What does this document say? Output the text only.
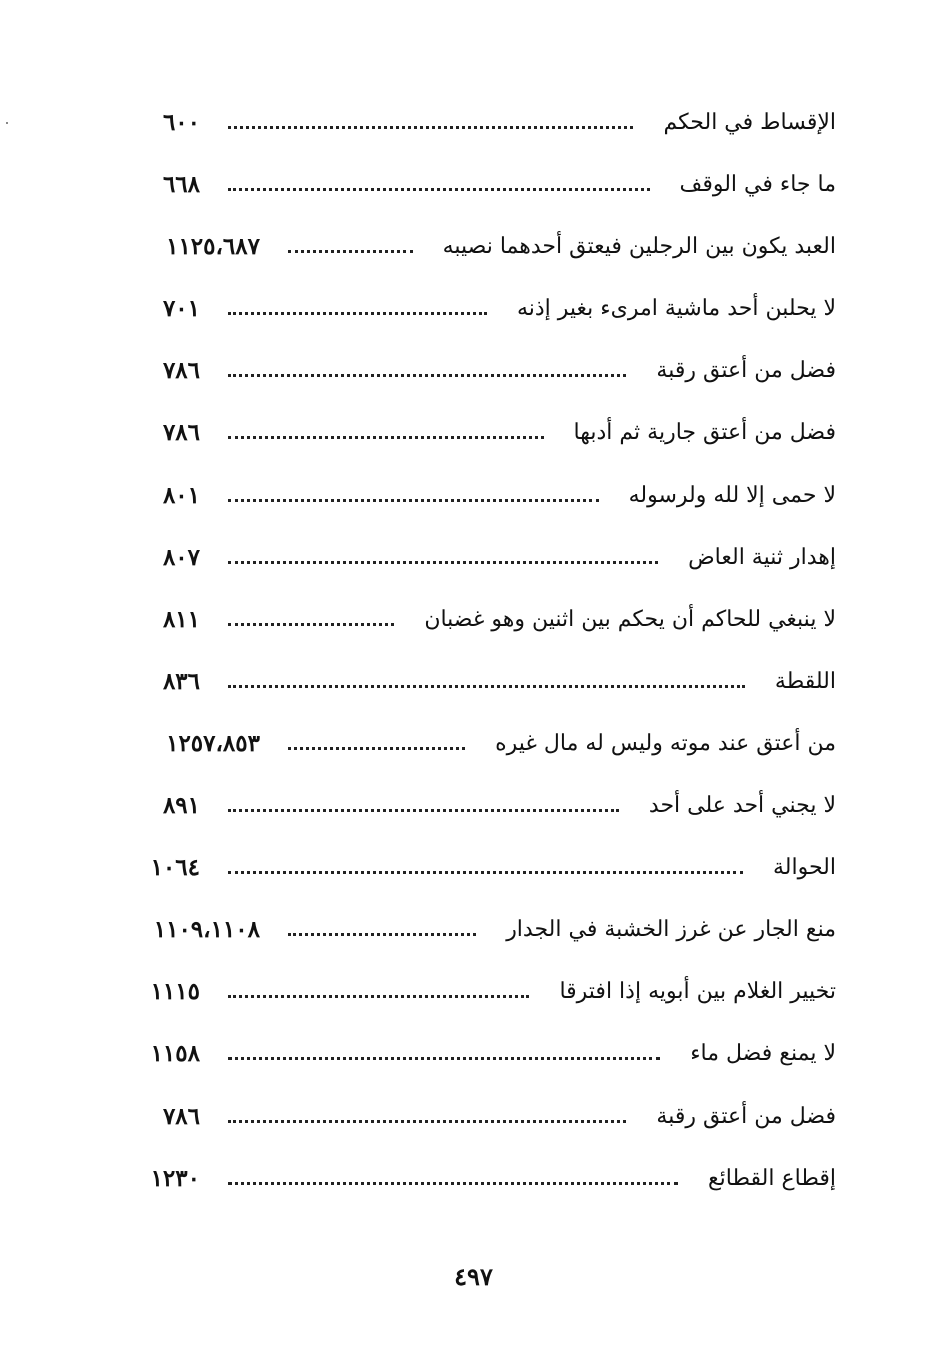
الإقساط في الحكم
٦٠٠
ما جاء في الوقف
٦٦٨
العبد يكون بين الرجلين فيعتق أحدهما نصيبه
١١٢٥،٦٨٧
لا يحلبن أحد ماشية امرىء بغير إذنه
٧٠١
فضل من أعتق رقبة
٧٨٦
فضل من أعتق جارية ثم أدبها
٧٨٦
لا حمى إلا لله ولرسوله
٨٠١
إهدار ثنية العاض
٨٠٧
لا ينبغي للحاكم أن يحكم بين اثنين وهو غضبان
٨١١
اللقطة
٨٣٦
من أعتق عند موته وليس له مال غيره
١٢٥٧،٨٥٣
لا يجني أحد على أحد
٨٩١
الحوالة
١٠٦٤
منع الجار عن غرز الخشبة في الجدار
١١٠٩،١١٠٨
تخيير الغلام بين أبويه إذا افترقا
١١١٥
لا يمنع فضل ماء
١١٥٨
فضل من أعتق رقبة
٧٨٦
إقطاع القطائع
١٢٣٠
٤٩٧
